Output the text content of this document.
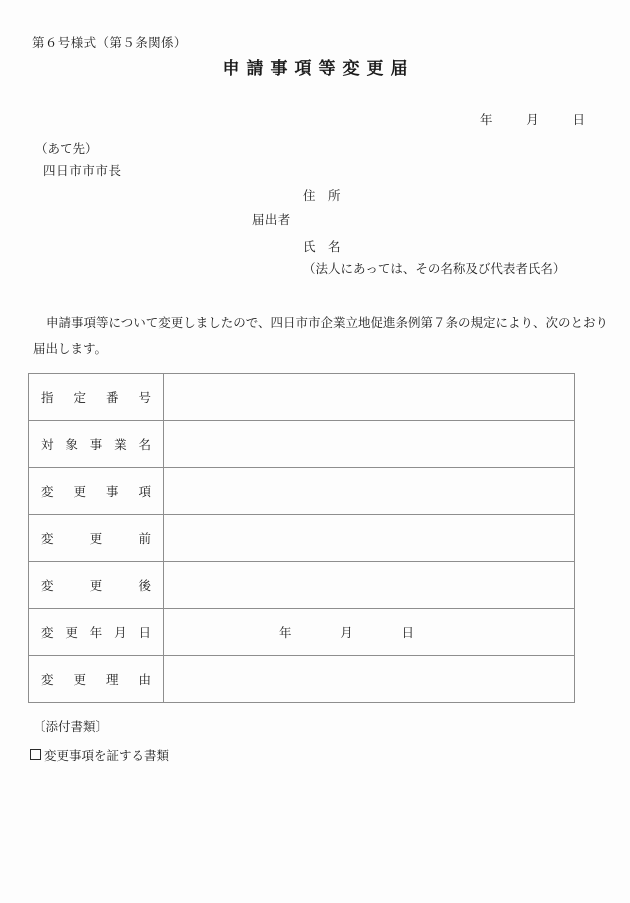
第６号様式（第５条関係）
申請事項等変更届
年	月	日
（あて先）
四日市市市長
住　所
届出者
氏　名
（法人にあっては、その名称及び代表者氏名）
申請事項等について変更しましたので、四日市市企業立地促進条例第７条の規定により、次のとおり
届出します。
指 定 番 号	

対 象 事 業 名	

変 更 事 項	

変 更 前	

変 更 後	

変 更 年 月 日	年 月 日

変 更 理 由	

〔添付書類〕
変更事項を証する書類
